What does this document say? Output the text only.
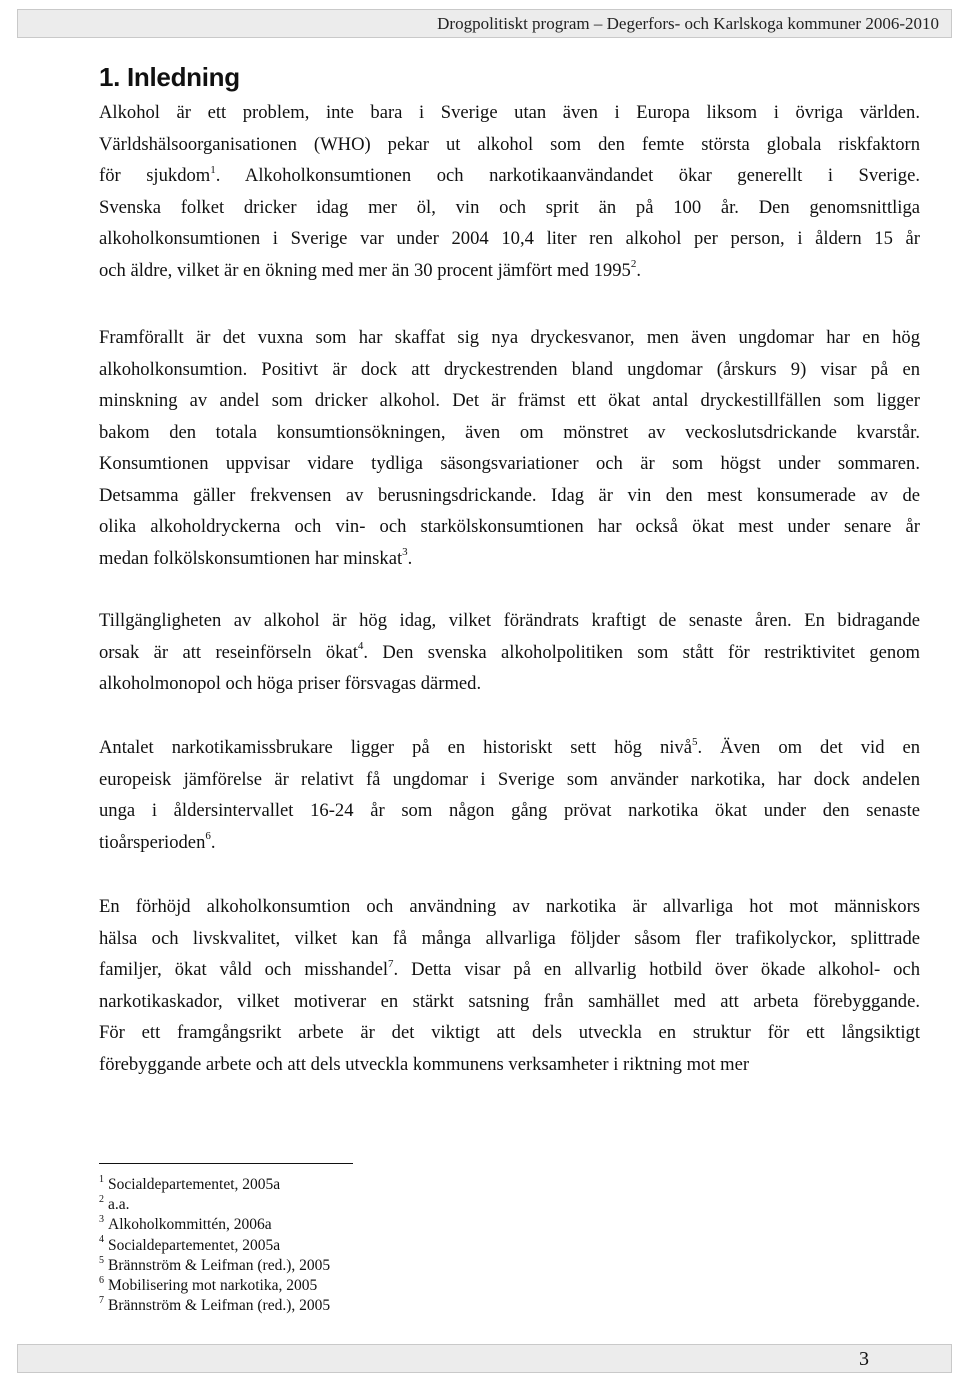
Drogpolitiskt program – Degerfors- och Karlskoga kommuner 2006-2010
1. Inledning
Alkohol är ett problem, inte bara i Sverige utan även i Europa liksom i övriga världen.
Världshälsoorganisationen (WHO) pekar ut alkohol som den femte största globala riskfaktorn
för sjukdom$^1$. Alkoholkonsumtionen och narkotikaanvändandet ökar generellt i Sverige.
Svenska folket dricker idag mer öl, vin och sprit än på 100 år. Den genomsnittliga
alkoholkonsumtionen i Sverige var under 2004 10,4 liter ren alkohol per person, i åldern 15 år
och äldre, vilket är en ökning med mer än 30 procent jämfört med 1995$^2$.
Framförallt är det vuxna som har skaffat sig nya dryckesvanor, men även ungdomar har en hög
alkoholkonsumtion. Positivt är dock att dryckestrenden bland ungdomar (årskurs 9) visar på en
minskning av andel som dricker alkohol. Det är främst ett ökat antal dryckestillfällen som ligger
bakom den totala konsumtionsökningen, även om mönstret av veckoslutsdrickande kvarstår.
Konsumtionen uppvisar vidare tydliga säsongsvariationer och är som högst under sommaren.
Detsamma gäller frekvensen av berusningsdrickande. Idag är vin den mest konsumerade av de
olika alkoholdryckerna och vin- och starkölskonsumtionen har också ökat mest under senare år
medan folkölskonsumtionen har minskat$^3$.
Tillgängligheten av alkohol är hög idag, vilket förändrats kraftigt de senaste åren. En bidragande
orsak är att reseinförseln ökat$^4$. Den svenska alkoholpolitiken som stått för restriktivitet genom
alkoholmonopol och höga priser försvagas därmed.
Antalet narkotikamissbrukare ligger på en historiskt sett hög nivå$^5$. Även om det vid en
europeisk jämförelse är relativt få ungdomar i Sverige som använder narkotika, har dock andelen
unga i åldersintervallet 16-24 år som någon gång prövat narkotika ökat under den senaste
tioårsperioden$^6$.
En förhöjd alkoholkonsumtion och användning av narkotika är allvarliga hot mot människors
hälsa och livskvalitet, vilket kan få många allvarliga följder såsom fler trafikolyckor, splittrade
familjer, ökat våld och misshandel$^7$. Detta visar på en allvarlig hotbild över ökade alkohol- och
narkotikaskador, vilket motiverar en stärkt satsning från samhället med att arbeta förebyggande.
För ett framgångsrikt arbete är det viktigt att dels utveckla en struktur för ett långsiktigt
förebyggande arbete och att dels utveckla kommunens verksamheter i riktning mot mer
$^1$ Socialdepartementet, 2005a
$^2$ a.a.
$^3$ Alkoholkommittén, 2006a
$^4$ Socialdepartementet, 2005a
$^5$ Brännström & Leifman (red.), 2005
$^6$ Mobilisering mot narkotika, 2005
$^7$ Brännström & Leifman (red.), 2005
3
